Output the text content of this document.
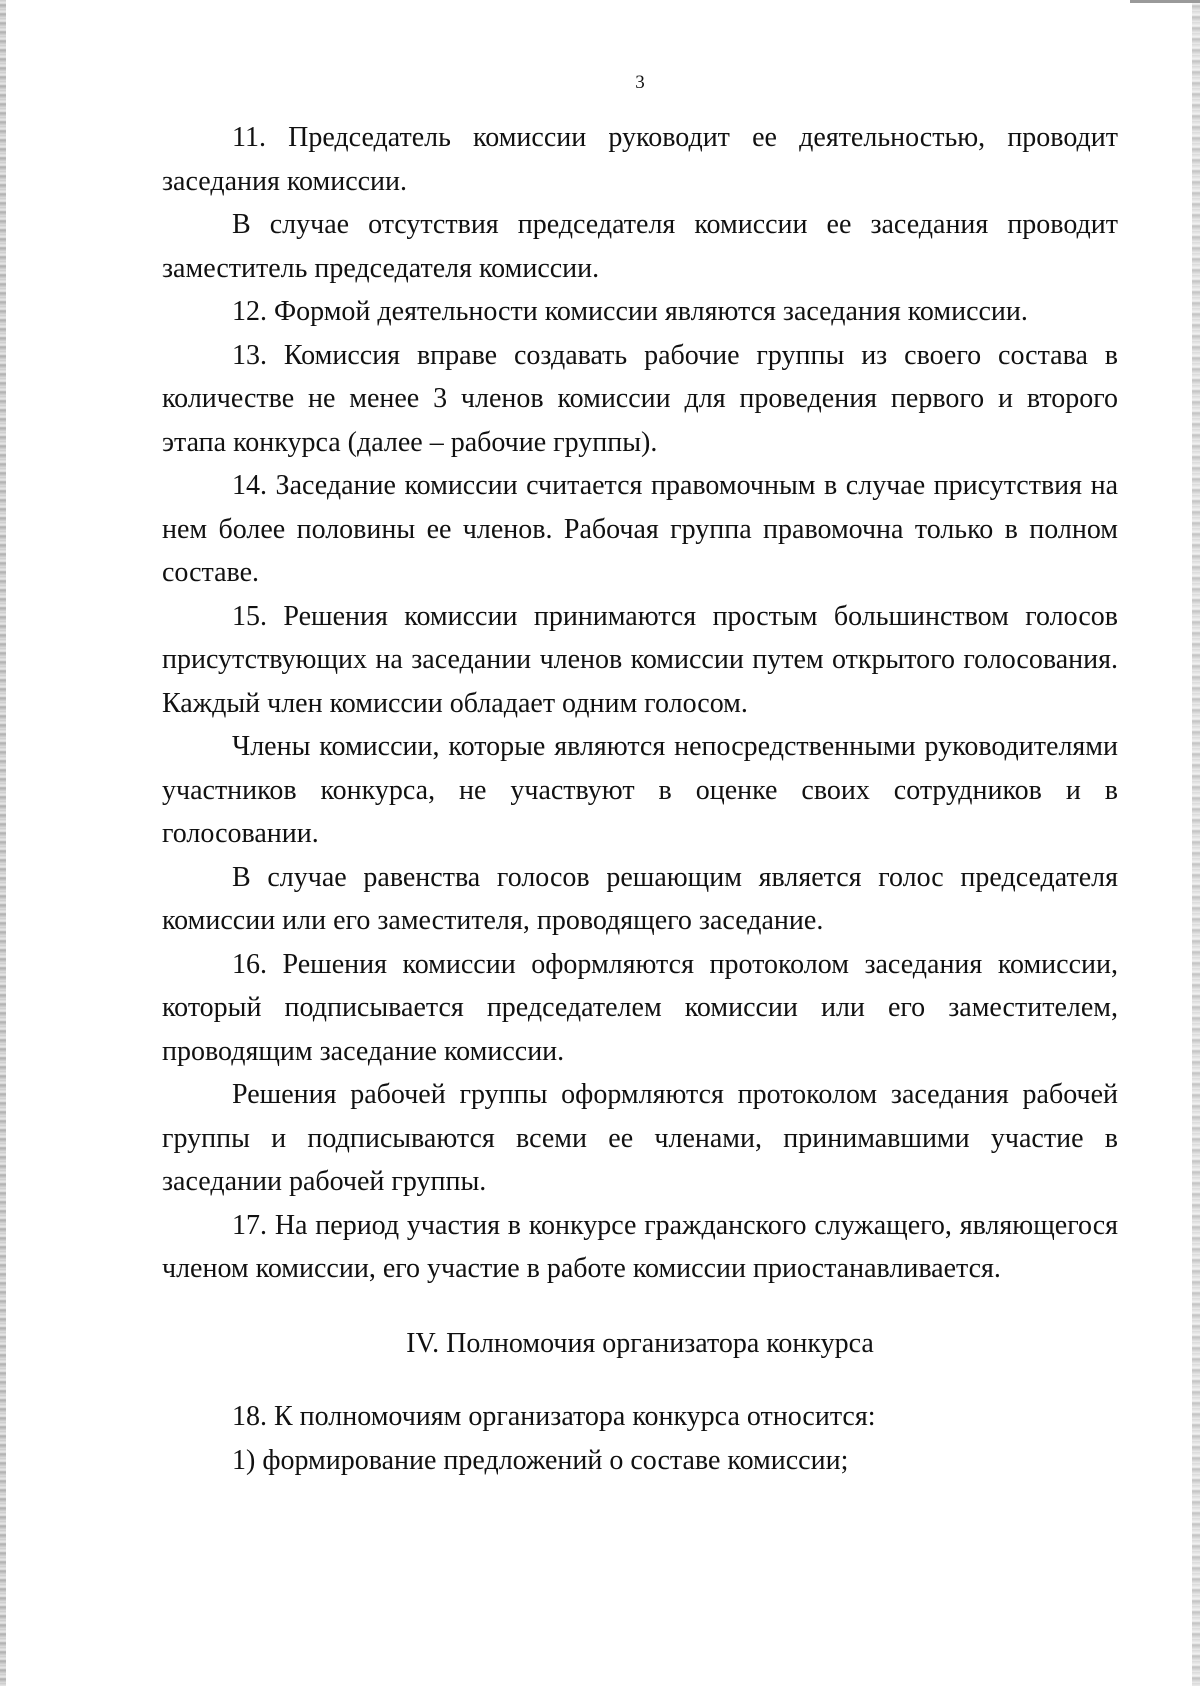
3

11. Председатель комиссии руководит ее деятельностью, проводит заседания комиссии.

В случае отсутствия председателя комиссии ее заседания проводит заместитель председателя комиссии.

12. Формой деятельности комиссии являются заседания комиссии.

13. Комиссия вправе создавать рабочие группы из своего состава в количестве не менее 3 членов комиссии для проведения первого и второго этапа конкурса (далее – рабочие группы).

14. Заседание комиссии считается правомочным в случае присутствия на нем более половины ее членов. Рабочая группа правомочна только в полном составе.

15. Решения комиссии принимаются простым большинством голосов присутствующих на заседании членов комиссии путем открытого голосования. Каждый член комиссии обладает одним голосом.

Члены комиссии, которые являются непосредственными руководителями участников конкурса, не участвуют в оценке своих сотрудников и в голосовании.

В случае равенства голосов решающим является голос председателя комиссии или его заместителя, проводящего заседание.

16. Решения комиссии оформляются протоколом заседания комиссии, который подписывается председателем комиссии или его заместителем, проводящим заседание комиссии.

Решения рабочей группы оформляются протоколом заседания рабочей группы и подписываются всеми ее членами, принимавшими участие в заседании рабочей группы.

17. На период участия в конкурсе гражданского служащего, являющегося членом комиссии, его участие в работе комиссии приостанавливается.

IV. Полномочия организатора конкурса

18. К полномочиям организатора конкурса относится:

1) формирование предложений о составе комиссии;
